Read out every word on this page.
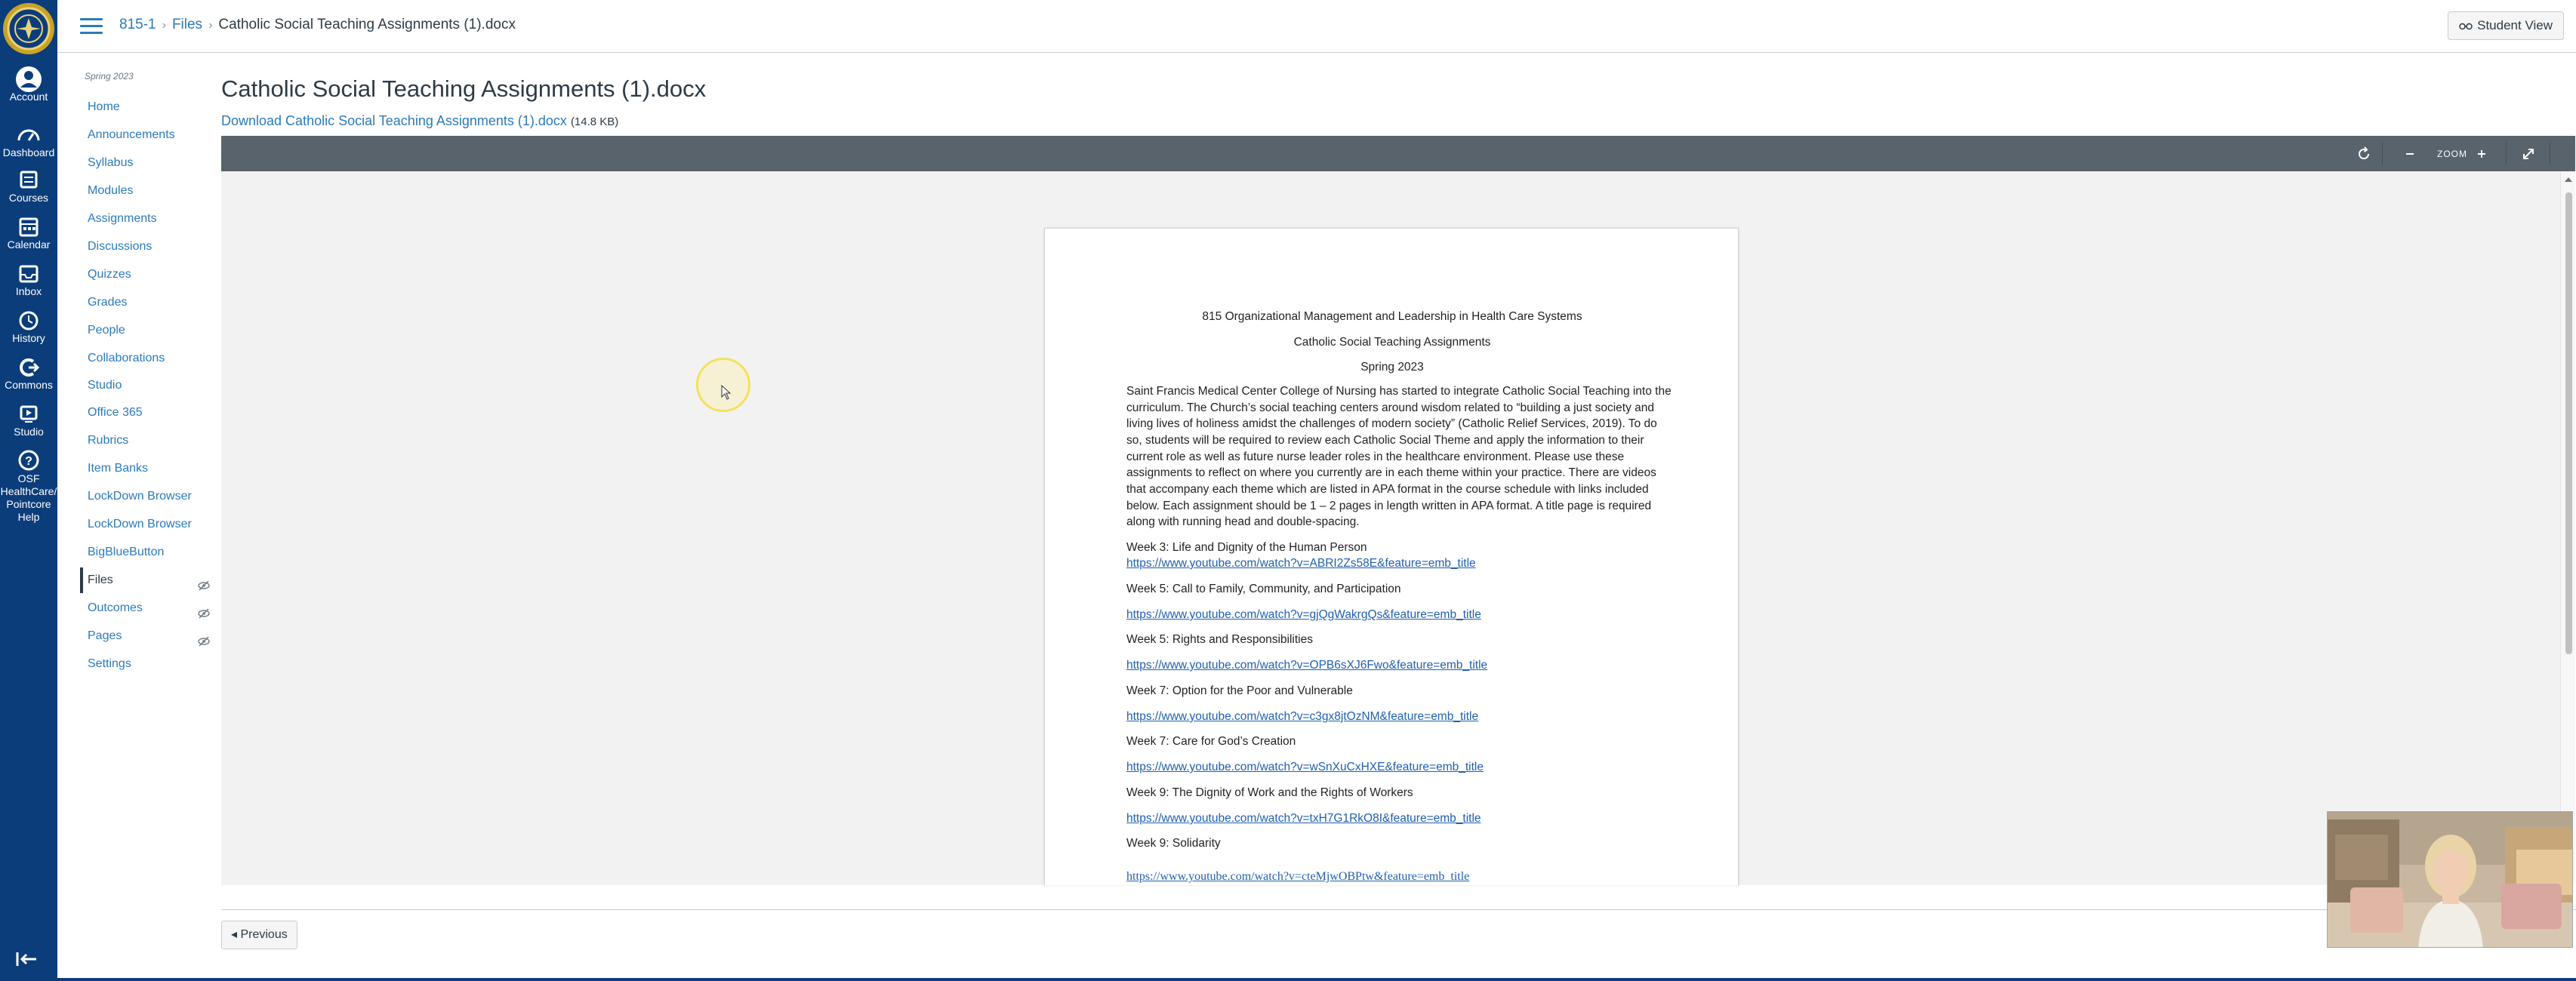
Account
Dashboard
Courses
Calendar
Inbox
History
Commons
Studio
?
OSF
HealthCare/
Pointcore
Help
815-1 › Files › Catholic Social Teaching Assignments (1).docx	Student View
Spring 2023
Home
Announcements
Syllabus
Modules
Assignments
Discussions
Quizzes
Grades
People
Collaborations
Studio
Office 365
Rubrics
Item Banks
LockDown Browser
LockDown Browser
BigBlueButton
Files
Outcomes
Pages
Settings
Catholic Social Teaching Assignments (1).docx
Download Catholic Social Teaching Assignments (1).docx (14.8 KB)
ZOOM
815 Organizational Management and Leadership in Health Care Systems
Catholic Social Teaching Assignments
Spring 2023
Saint Francis Medical Center College of Nursing has started to integrate Catholic Social Teaching into the
curriculum. The Church’s social teaching centers around wisdom related to “building a just society and
living lives of holiness amidst the challenges of modern society” (Catholic Relief Services, 2019). To do
so, students will be required to review each Catholic Social Theme and apply the information to their
current role as well as future nurse leader roles in the healthcare environment. Please use these
assignments to reflect on where you currently are in each theme within your practice. There are videos
that accompany each theme which are listed in APA format in the course schedule with links included
below. Each assignment should be 1 – 2 pages in length written in APA format. A title page is required
along with running head and double-spacing.
Week 3: Life and Dignity of the Human Person
https://www.youtube.com/watch?v=ABRI2Zs58E&feature=emb_title
Week 5: Call to Family, Community, and Participation
https://www.youtube.com/watch?v=gjQgWakrgQs&feature=emb_title
Week 5: Rights and Responsibilities
https://www.youtube.com/watch?v=OPB6sXJ6Fwo&feature=emb_title
Week 7: Option for the Poor and Vulnerable
https://www.youtube.com/watch?v=c3gx8jtOzNM&feature=emb_title
Week 7: Care for God’s Creation
https://www.youtube.com/watch?v=wSnXuCxHXE&feature=emb_title
Week 9: The Dignity of Work and the Rights of Workers
https://www.youtube.com/watch?v=txH7G1RkO8I&feature=emb_title
Week 9: Solidarity
https://www.youtube.com/watch?v=cteMjwOBPtw&feature=emb_title
◂ Previous
